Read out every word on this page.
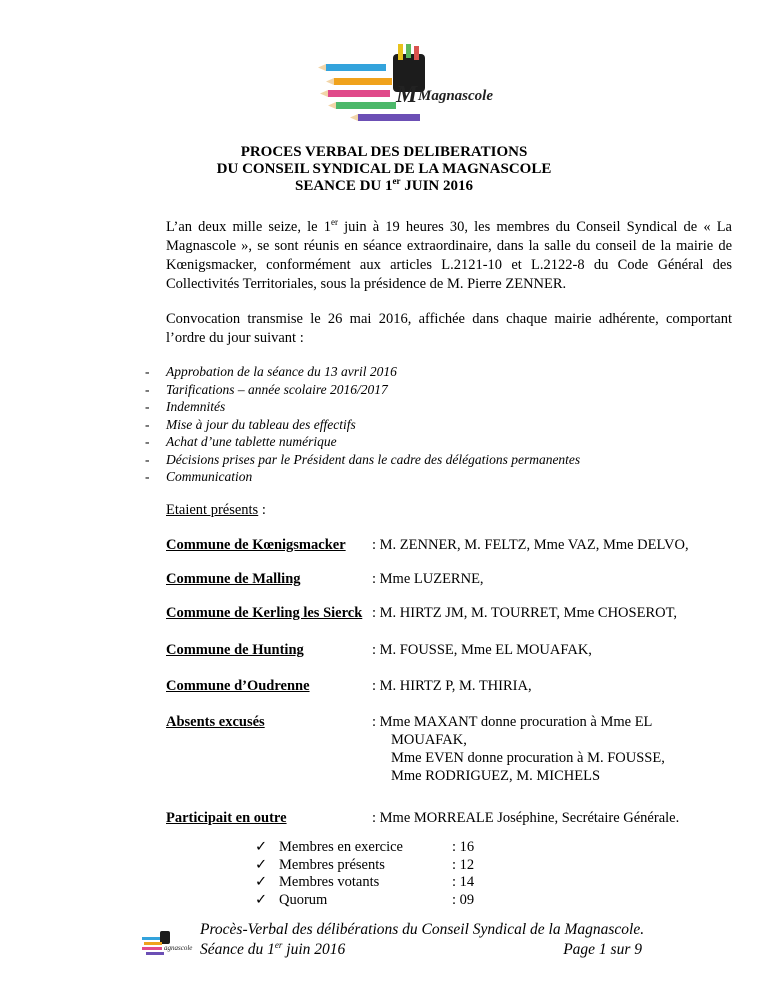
M Magnascole
PROCES VERBAL DES DELIBERATIONS
DU CONSEIL SYNDICAL DE LA MAGNASCOLE
SEANCE DU 1er JUIN 2016
L’an deux mille seize, le 1er juin à 19 heures 30, les membres du Conseil Syndical de « La Magnascole », se sont réunis en séance extraordinaire, dans la salle du conseil de la mairie de Kœnigsmacker, conformément aux articles L.2121-10 et L.2122-8 du Code Général des Collectivités Territoriales, sous la présidence de M. Pierre ZENNER.
Convocation transmise le 26 mai 2016, affichée dans chaque mairie adhérente, comportant l’ordre du jour suivant :
- Approbation de la séance du 13 avril 2016
- Tarifications – année scolaire 2016/2017
- Indemnités
- Mise à jour du tableau des effectifs
- Achat d’une tablette numérique
- Décisions prises par le Président dans le cadre des délégations permanentes
- Communication
Etaient présents :
Commune de Kœnigsmacker : M. ZENNER, M. FELTZ, Mme VAZ, Mme DELVO,
Commune de Malling	: Mme LUZERNE,
Commune de Kerling les Sierck : M. HIRTZ JM, M. TOURRET, Mme CHOSEROT,
Commune de Hunting	: M. FOUSSE, Mme EL MOUAFAK,
Commune d’Oudrenne	: M. HIRTZ P, M. THIRIA,
Absents excusés	: Mme MAXANT donne procuration à Mme EL
MOUAFAK,
Mme EVEN donne procuration à M. FOUSSE,
Mme RODRIGUEZ, M. MICHELS
Participait en outre	: Mme MORREALE Joséphine, Secrétaire Générale.
✓ Membres en exercice	: 16
✓ Membres présents	: 12
✓ Membres votants	: 14
✓ Quorum	: 09
agnascole
Procès-Verbal des délibérations du Conseil Syndical de la Magnascole.
Séance du 1er juin 2016	Page 1 sur 9
